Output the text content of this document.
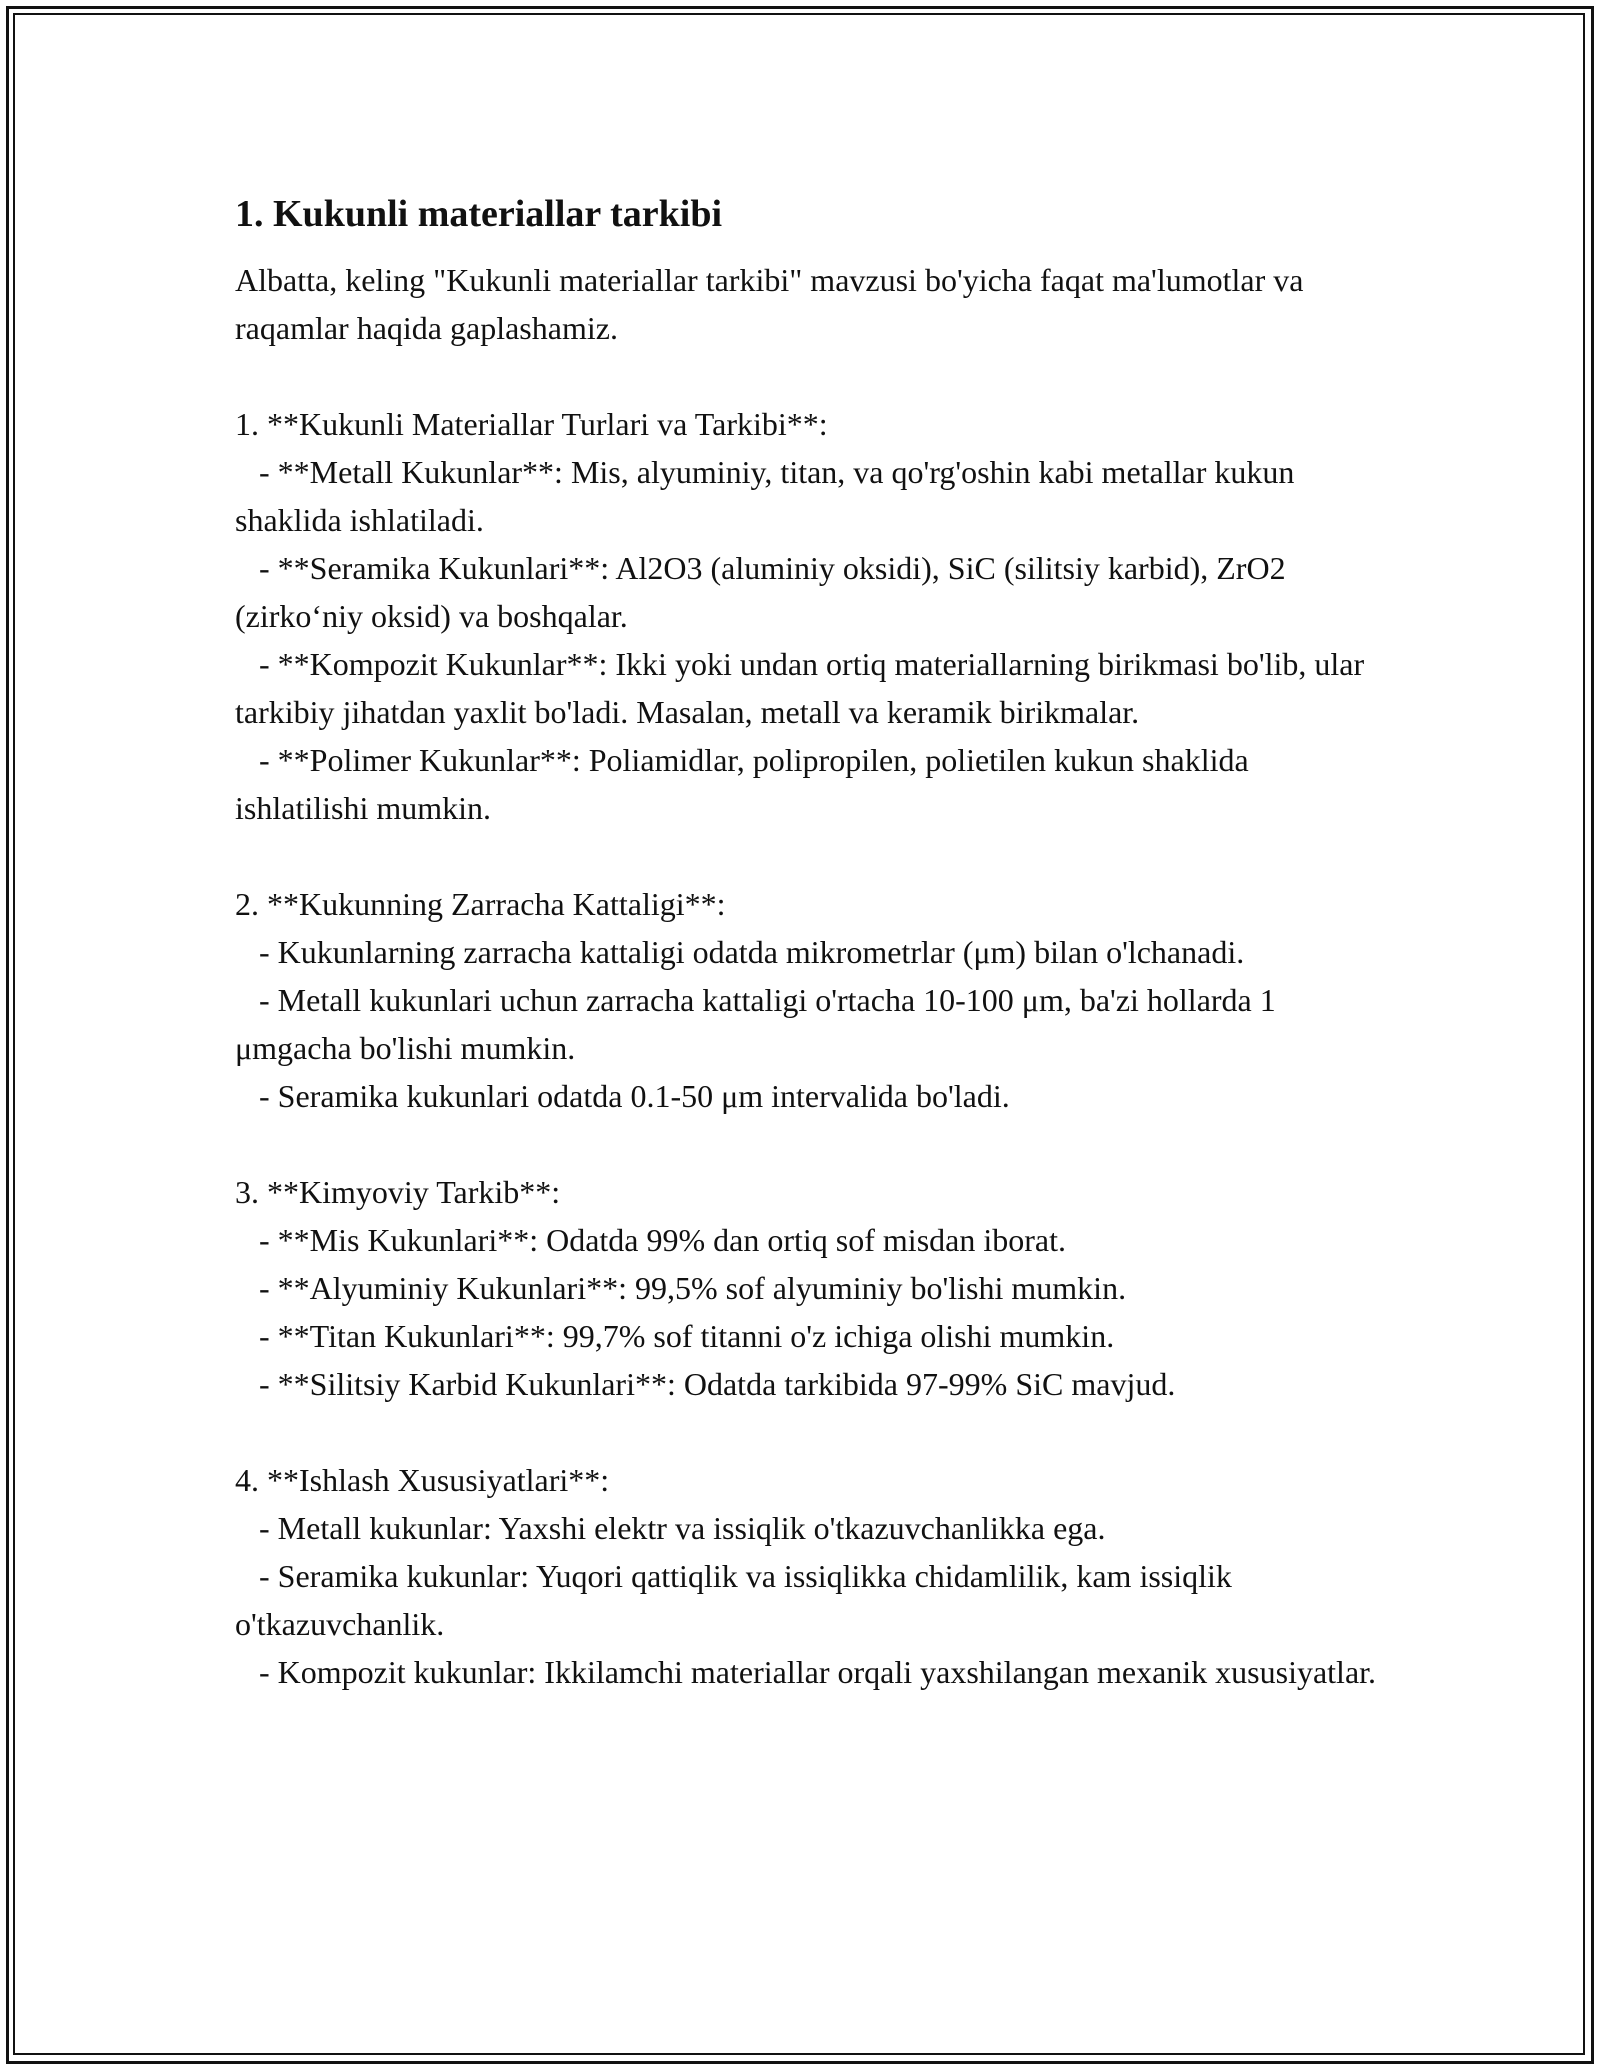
1. Kukunli materiallar tarkibi

Albatta, keling "Kukunli materiallar tarkibi" mavzusi bo'yicha faqat ma'lumotlar va raqamlar haqida gaplashamiz.

1. **Kukunli Materiallar Turlari va Tarkibi**:

- **Metall Kukunlar**: Mis, alyuminiy, titan, va qo'rg'oshin kabi metallar kukun shaklida ishlatiladi.

- **Seramika Kukunlari**: Al2O3 (aluminiy oksidi), SiC (silitsiy karbid), ZrO2 (zirko‘niy oksid) va boshqalar.

- **Kompozit Kukunlar**: Ikki yoki undan ortiq materiallarning birikmasi bo'lib, ular tarkibiy jihatdan yaxlit bo'ladi. Masalan, metall va keramik birikmalar.

- **Polimer Kukunlar**: Poliamidlar, polipropilen, polietilen kukun shaklida ishlatilishi mumkin.

2. **Kukunning Zarracha Kattaligi**:

- Kukunlarning zarracha kattaligi odatda mikrometrlar (μm) bilan o'lchanadi.

- Metall kukunlari uchun zarracha kattaligi o'rtacha 10-100 μm, ba'zi hollarda 1 μmgacha bo'lishi mumkin.

- Seramika kukunlari odatda 0.1-50 μm intervalida bo'ladi.

3. **Kimyoviy Tarkib**:

- **Mis Kukunlari**: Odatda 99% dan ortiq sof misdan iborat.

- **Alyuminiy Kukunlari**: 99,5% sof alyuminiy bo'lishi mumkin.

- **Titan Kukunlari**: 99,7% sof titanni o'z ichiga olishi mumkin.

- **Silitsiy Karbid Kukunlari**: Odatda tarkibida 97-99% SiC mavjud.

4. **Ishlash Xususiyatlari**:

- Metall kukunlar: Yaxshi elektr va issiqlik o'tkazuvchanlikka ega.

- Seramika kukunlar: Yuqori qattiqlik va issiqlikka chidamlilik, kam issiqlik o'tkazuvchanlik.

- Kompozit kukunlar: Ikkilamchi materiallar orqali yaxshilangan mexanik xususiyatlar.
